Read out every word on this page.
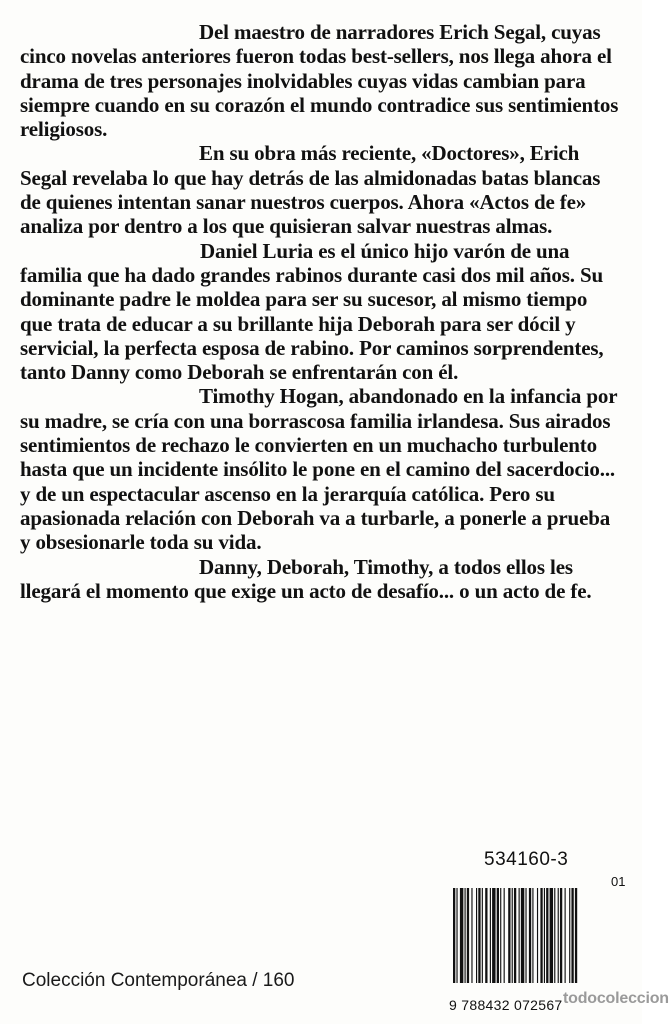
Del maestro de narradores Erich Segal, cuyas cinco novelas anteriores fueron todas best-sellers, nos llega ahora el drama de tres personajes inolvidables cuyas vidas cambian para siempre cuando en su corazón el mundo contradice sus sentimientos religiosos.

En su obra más reciente, «Doctores», Erich Segal revelaba lo que hay detrás de las almidonadas batas blancas de quienes intentan sanar nuestros cuerpos. Ahora «Actos de fe» analiza por dentro a los que quisieran salvar nuestras almas.

Daniel Luria es el único hijo varón de una familia que ha dado grandes rabinos durante casi dos mil años. Su dominante padre le moldea para ser su sucesor, al mismo tiempo que trata de educar a su brillante hija Deborah para ser dócil y servicial, la perfecta esposa de rabino. Por caminos sorprendentes, tanto Danny como Deborah se enfrentarán con él.

Timothy Hogan, abandonado en la infancia por su madre, se cría con una borrascosa familia irlandesa. Sus airados sentimientos de rechazo le convierten en un muchacho turbulento hasta que un incidente insólito le pone en el camino del sacerdocio... y de un espectacular ascenso en la jerarquía católica. Pero su apasionada relación con Deborah va a turbarle, a ponerle a prueba y obsesionarle toda su vida.

Danny, Deborah, Timothy, a todos ellos les llegará el momento que exige un acto de desafío... o un acto de fe.

534160-3
01
9 788432 072567 todocoleccion
Colección Contemporánea / 160
